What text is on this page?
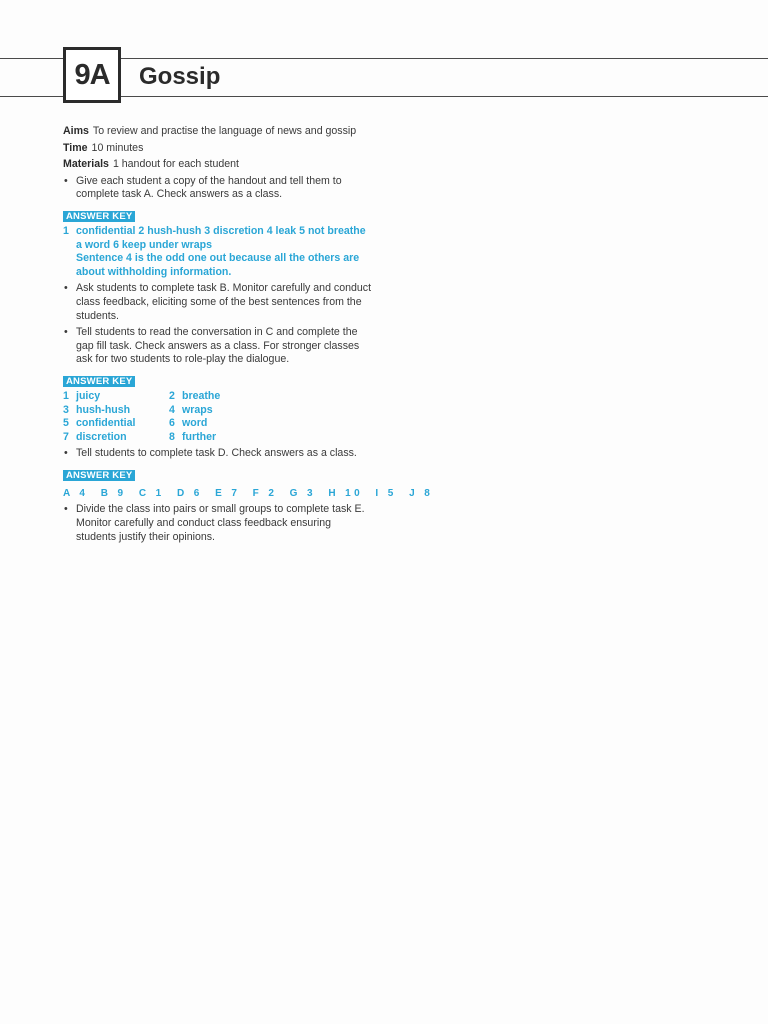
9A Gossip
Aims To review and practise the language of news and gossip
Time 10 minutes
Materials 1 handout for each student
• Give each student a copy of the handout and tell them to complete task A. Check answers as a class.
ANSWER KEY
1 confidential 2 hush-hush 3 discretion 4 leak 5 not breathe a word 6 keep under wraps
Sentence 4 is the odd one out because all the others are about withholding information.
• Ask students to complete task B. Monitor carefully and conduct class feedback, eliciting some of the best sentences from the students.
• Tell students to read the conversation in C and complete the gap fill task. Check answers as a class. For stronger classes ask for two students to role-play the dialogue.
ANSWER KEY
1 juicy	2 breathe
3 hush-hush	4 wraps
5 confidential	6 word
7 discretion	8 further
• Tell students to complete task D. Check answers as a class.
ANSWER KEY
A 4  B 9  C 1  D 6  E 7  F 2  G 3  H 10  I 5  J 8
• Divide the class into pairs or small groups to complete task E. Monitor carefully and conduct class feedback ensuring students justify their opinions.
